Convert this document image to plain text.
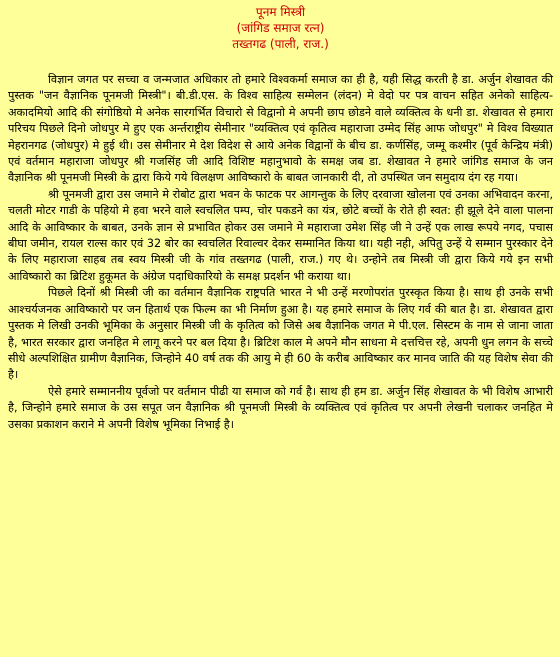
पूनम मिस्त्री
(जांगिड समाज रत्न)
तख्तगढ (पाली, राज.)

विज्ञान जगत पर सच्चा व जन्मजात अधिकार तो हमारे विश्वकर्मा समाज का ही है, यही सिद्ध करती है डा. अर्जुन शेखावत की पुस्तक "जन वैज्ञानिक पूनमजी मिस्त्री"। बी.डी.एस. के विश्व साहित्य सम्मेलन (लंदन) मे वेदो पर पत्र वाचन सहित अनेको साहित्य-अकादमियो आदि की संगोष्ठियो मे अनेक सारगर्भित विचारो से विद्वानो मे अपनी छाप छोडने वाले व्यक्तित्व के धनी डा. शेखावत से हमारा परिचय पिछले दिनो जोधपुर मे हुए एक अर्न्तराष्ट्रीय सेमीनार "व्यक्तित्व एवं कृतित्व महाराजा उम्मेद सिंह आफ जोधपुर" मे विश्व विख्यात मेहरानगढ (जोधपुर) मे हुई थी। उस सेमीनार मे देश विदेश से आये अनेक विद्वानों के बीच डा. कर्णसिंह, जम्मू कश्मीर (पूर्व केन्द्रिय मंत्री) एवं वर्तमान महाराजा जोधपुर श्री गजसिंह जी आदि विशिष्ट महानुभावो के समक्ष जब डा. शेखावत ने हमारे जांगिड समाज के जन वैज्ञानिक श्री पूनमजी मिस्त्री के द्वारा किये गये विलक्षण आविष्कारो के बाबत जानकारी दी, तो उपस्थित जन समुदाय दंग रह गया।

श्री पूनमजी द्वारा उस जमाने मे रोबोट द्वारा भवन के फाटक पर आगन्तुक के लिए दरवाजा खोलना एवं उनका अभिवादन करना, चलती मोटर गाडी के पहियो मे हवा भरने वाले स्वचलित पम्प, चोर पकडने का यंत्र, छोटे बच्चों के रोते ही स्वत: ही झूले देने वाला पालना आदि के आविष्कार के बाबत, उनके ज्ञान से प्रभावित होकर उस जमाने मे महाराजा उमेश सिंह जी ने उन्हें एक लाख रूपये नगद, पचास बीघा जमीन, रायल राल्स कार एवं 32 बोर का स्वचलित रिवाल्वर देकर सम्मानित किया था। यही नही, अपितु उन्हें ये सम्मान पुरस्कार देने के लिए महाराजा साहब तब स्वय मिस्त्री जी के गांव तख्तगढ (पाली, राज.) गए थे। उन्होने तब मिस्त्री जी द्वारा किये गये इन सभी आविष्कारो का ब्रिटिश हुकूमत के अंग्रेज पदाधिकारियो के समक्ष प्रदर्शन भी कराया था।

पिछले दिनों श्री मिस्त्री जी का वर्तमान वैज्ञानिक राष्ट्रपति भारत ने भी उन्हें मरणोपरांत पुरस्कृत किया है। साथ ही उनके सभी आश्चर्यजनक आविष्कारो पर जन हितार्थ एक फिल्म का भी निर्माण हुआ है। यह हमारे समाज के लिए गर्व की बात है। डा. शेखावत द्वारा पुस्तक मे लिखी उनकी भूमिका के अनुसार मिस्त्री जी के कृतित्व को जिसे अब वैज्ञानिक जगत मे पी.एल. सिस्टम के नाम से जाना जाता है, भारत सरकार द्वारा जनहित मे लागू करने पर बल दिया है। ब्रिटिश काल मे अपने मौन साधना मे दत्तचित्त रहे, अपनी धुन लगन के सच्चे सीधे अल्पशिक्षित ग्रामीण वैज्ञानिक, जिन्होने 40 वर्ष तक की आयु मे ही 60 के करीब आविष्कार कर मानव जाति की यह विशेष सेवा की है।

ऐसे हमारे सम्माननीय पूर्वजो पर वर्तमान पीढी या समाज को गर्व है। साथ ही हम डा. अर्जुन सिंह शेखावत के भी विशेष आभारी है, जिन्होने हमारे समाज के उस सपूत जन वैज्ञानिक श्री पूनमजी मिस्त्री के व्यक्तित्व एवं कृतित्व पर अपनी लेखनी चलाकर जनहित मे उसका प्रकाशन कराने मे अपनी विशेष भूमिका निभाई है।
